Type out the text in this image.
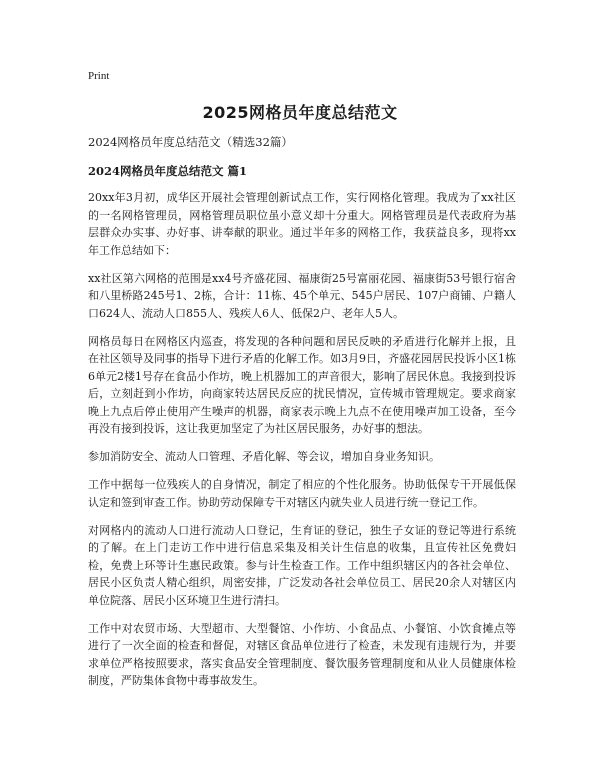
Print
2025网格员年度总结范文

2024网格员年度总结范文（精选32篇）

2024网格员年度总结范文 篇1

20xx年3月初，成华区开展社会管理创新试点工作，实行网格化管理。我成为了xx社区的一名网格管理员，网格管理员职位虽小意义却十分重大。网格管理员是代表政府为基层群众办实事、办好事、讲奉献的职业。通过半年多的网格工作，我获益良多，现将xx年工作总结如下：

xx社区第六网格的范围是xx4号齐盛花园、福康街25号富丽花园、福康街53号银行宿舍和八里桥路245号1、2栋，合计：11栋、45个单元、545户居民、107户商铺、户籍人口624人、流动人口855人、残疾人6人、低保2户、老年人5人。

网格员每日在网格区内巡查，将发现的各种问题和居民反映的矛盾进行化解并上报，且在社区领导及同事的指导下进行矛盾的化解工作。如3月9日，齐盛花园居民投诉小区1栋6单元2楼1号存在食品小作坊，晚上机器加工的声音很大，影响了居民休息。我接到投诉后，立刻赶到小作坊，向商家转达居民反应的扰民情况，宣传城市管理规定。要求商家晚上九点后停止使用产生噪声的机器，商家表示晚上九点不在使用噪声加工设备，至今再没有接到投诉，这让我更加坚定了为社区居民服务，办好事的想法。

参加消防安全、流动人口管理、矛盾化解、等会议，增加自身业务知识。

工作中据每一位残疾人的自身情况，制定了相应的个性化服务。协助低保专干开展低保认定和签到审查工作。协助劳动保障专干对辖区内就失业人员进行统一登记工作。

对网格内的流动人口进行流动人口登记，生育证的登记，独生子女证的登记等进行系统的了解。在上门走访工作中进行信息采集及相关计生信息的收集，且宣传社区免费妇检，免费上环等计生惠民政策。参与计生检查工作。工作中组织辖区内的各社会单位、居民小区负责人精心组织，周密安排，广泛发动各社会单位员工、居民20余人对辖区内单位院落、居民小区环境卫生进行清扫。

工作中对农贸市场、大型超市、大型餐馆、小作坊、小食品点、小餐馆、小饮食摊点等进行了一次全面的检查和督促，对辖区食品单位进行了检查，未发现有违规行为，并要求单位严格按照要求，落实食品安全管理制度、餐饮服务管理制度和从业人员健康体检制度，严防集体食物中毒事故发生。
